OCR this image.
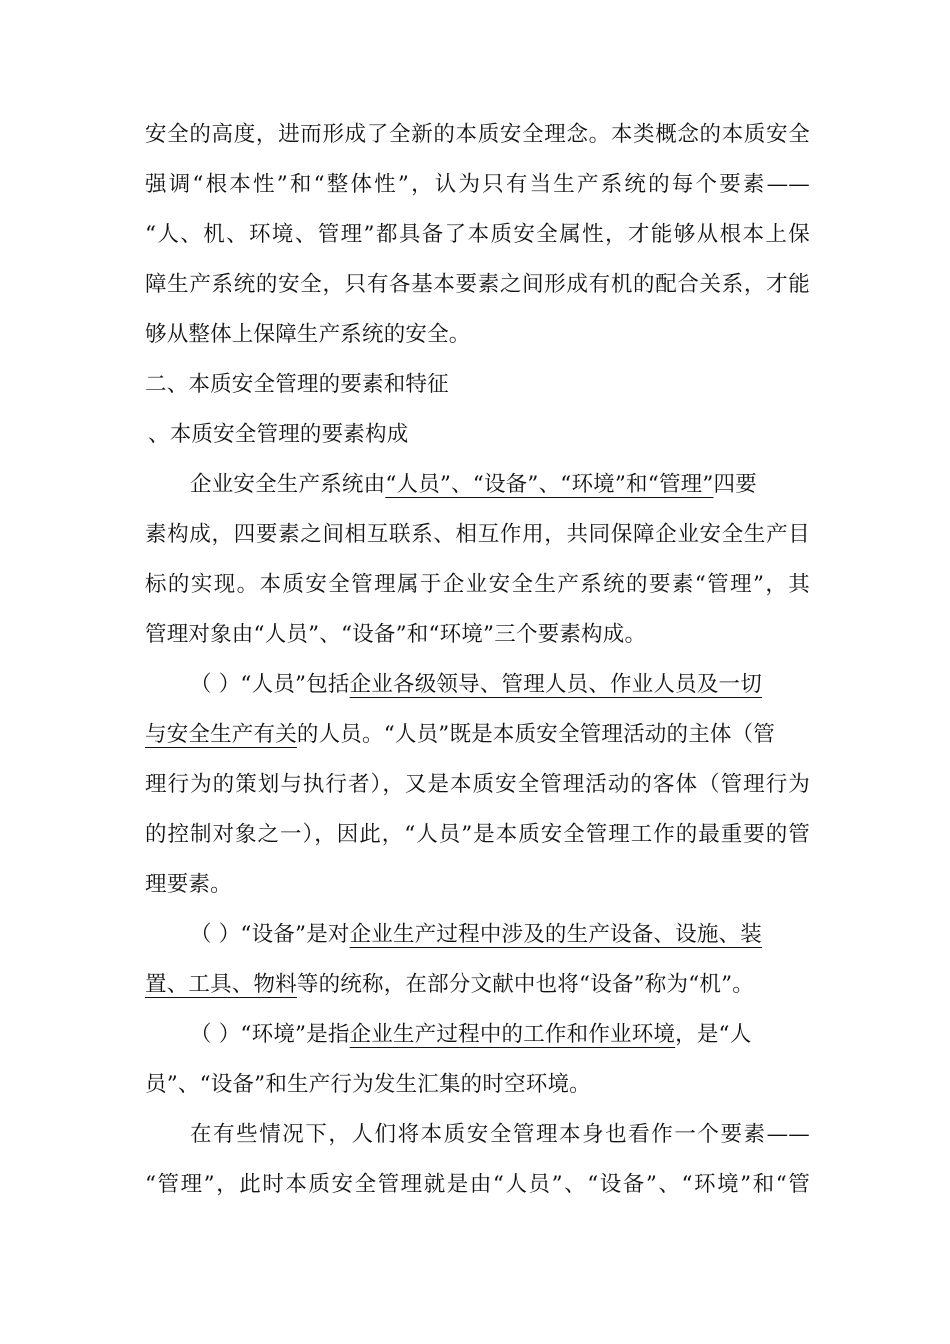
安全的高度，进而形成了全新的本质安全理念。本类概念的本质安全
强调“根本性”和“整体性”，认为只有当生产系统的每个要素——
“人、机、环境、管理”都具备了本质安全属性，才能够从根本上保
障生产系统的安全，只有各基本要素之间形成有机的配合关系，才能
够从整体上保障生产系统的安全。
二、本质安全管理的要素和特征
、本质安全管理的要素构成
企业安全生产系统由“人员”、“设备”、“环境”和“管理”四要
素构成，四要素之间相互联系、相互作用，共同保障企业安全生产目
标的实现。本质安全管理属于企业安全生产系统的要素“管理”，其
管理对象由“人员”、“设备”和“环境”三个要素构成。
（ ）“人员”包括企业各级领导、管理人员、作业人员及一切
与安全生产有关的人员。“人员”既是本质安全管理活动的主体（管
理行为的策划与执行者），又是本质安全管理活动的客体（管理行为
的控制对象之一），因此，“人员”是本质安全管理工作的最重要的管
理要素。
（ ）“设备”是对企业生产过程中涉及的生产设备、设施、装
置、工具、物料等的统称，在部分文献中也将“设备”称为“机”。
（ ）“环境”是指企业生产过程中的工作和作业环境，是“人
员”、“设备”和生产行为发生汇集的时空环境。
在有些情况下，人们将本质安全管理本身也看作一个要素——
“管理”，此时本质安全管理就是由“人员”、“设备”、“环境”和“管
